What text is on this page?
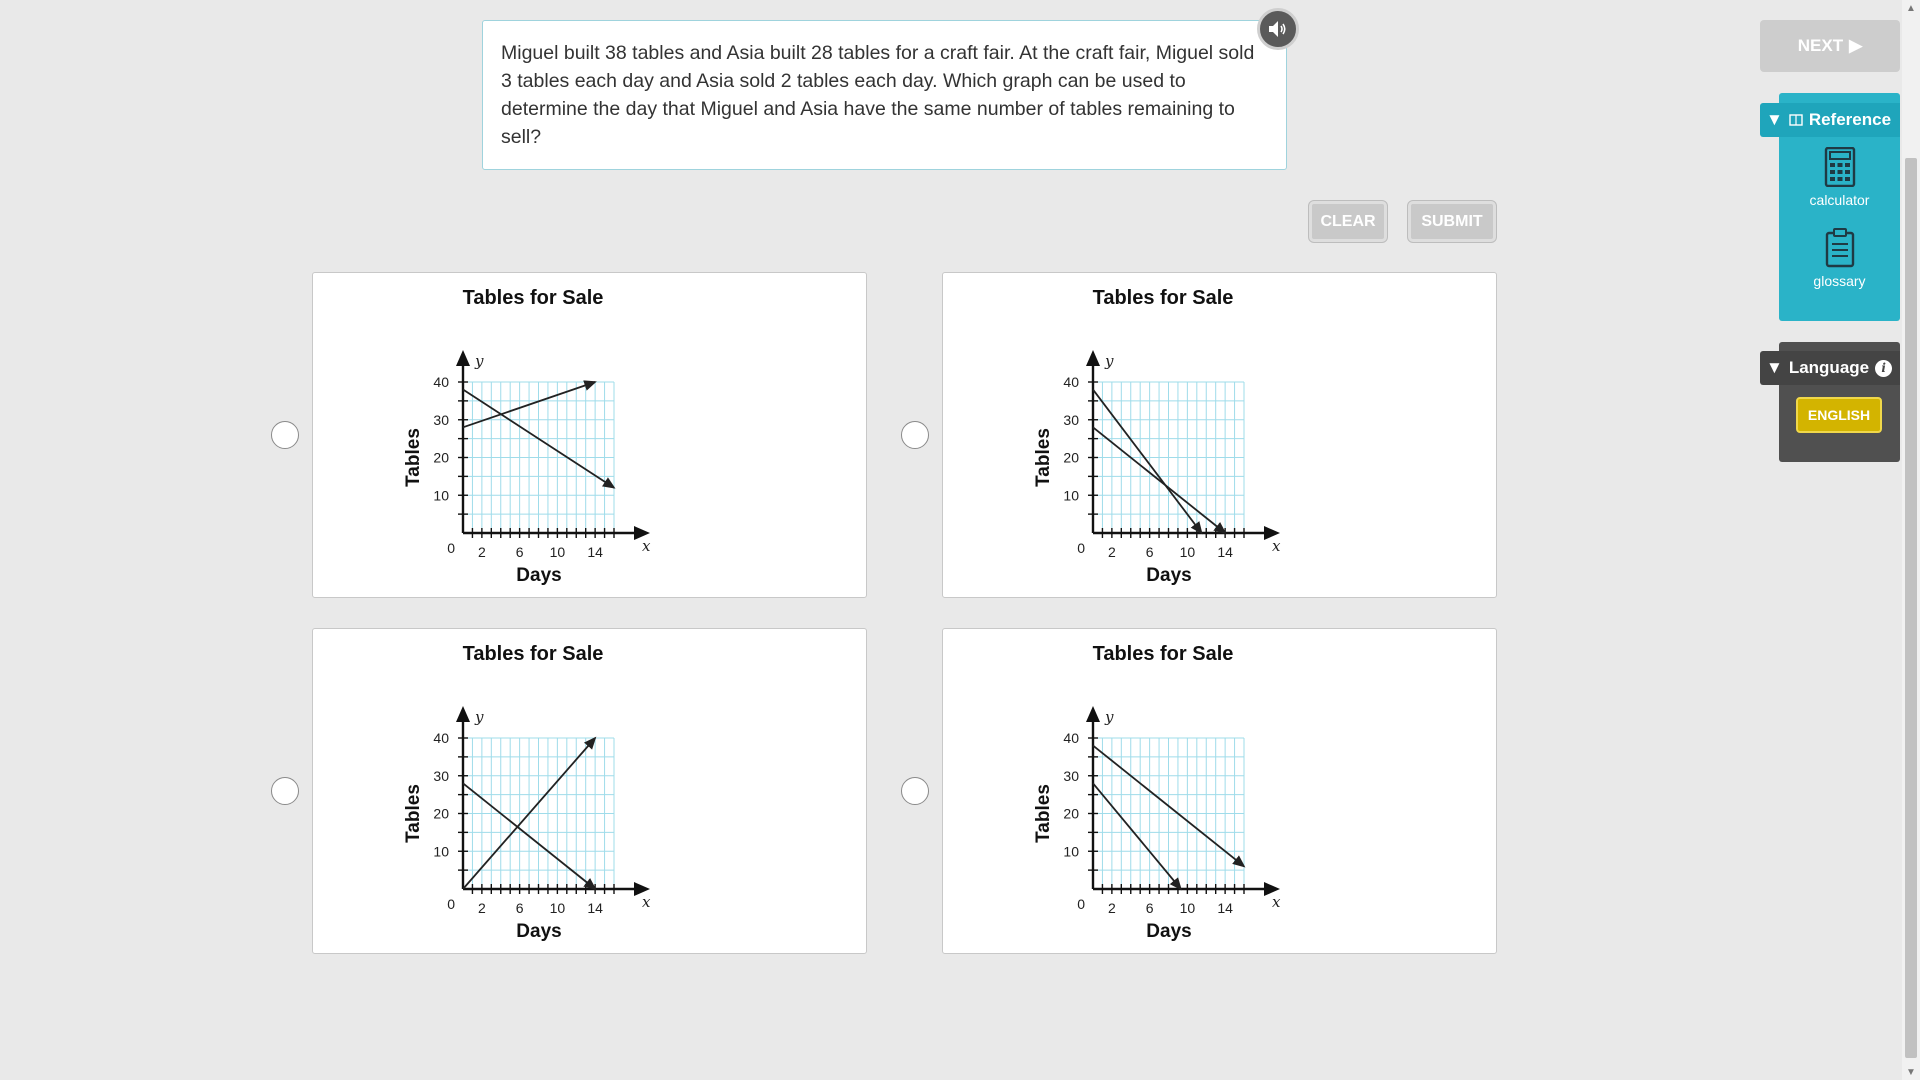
Miguel built 38 tables and Asia built 28 tables for a craft fair. At the craft fair, Miguel sold 3 tables each day and Asia sold 2 tables each day. Which graph can be used to determine the day that Miguel and Asia have the same number of tables remaining to sell?

CLEAR	SUBMIT
Tables for Sale
2 6 10 14
10
20
30
40
0	x
y
Days
Tables
Tables for Sale
2 6 10 14
10
20
30
40
0	x
y
Days
Tables
Tables for Sale
2 6 10 14
10
20
30
40
0	x
y
Days
Tables
Tables for Sale
2 6 10 14
10
20
30
40
0	x
y
Days
Tables
NEXT ▶
▼ Reference
calculator
glossary
▼ Language	i
ENGLISH
▲
▼
